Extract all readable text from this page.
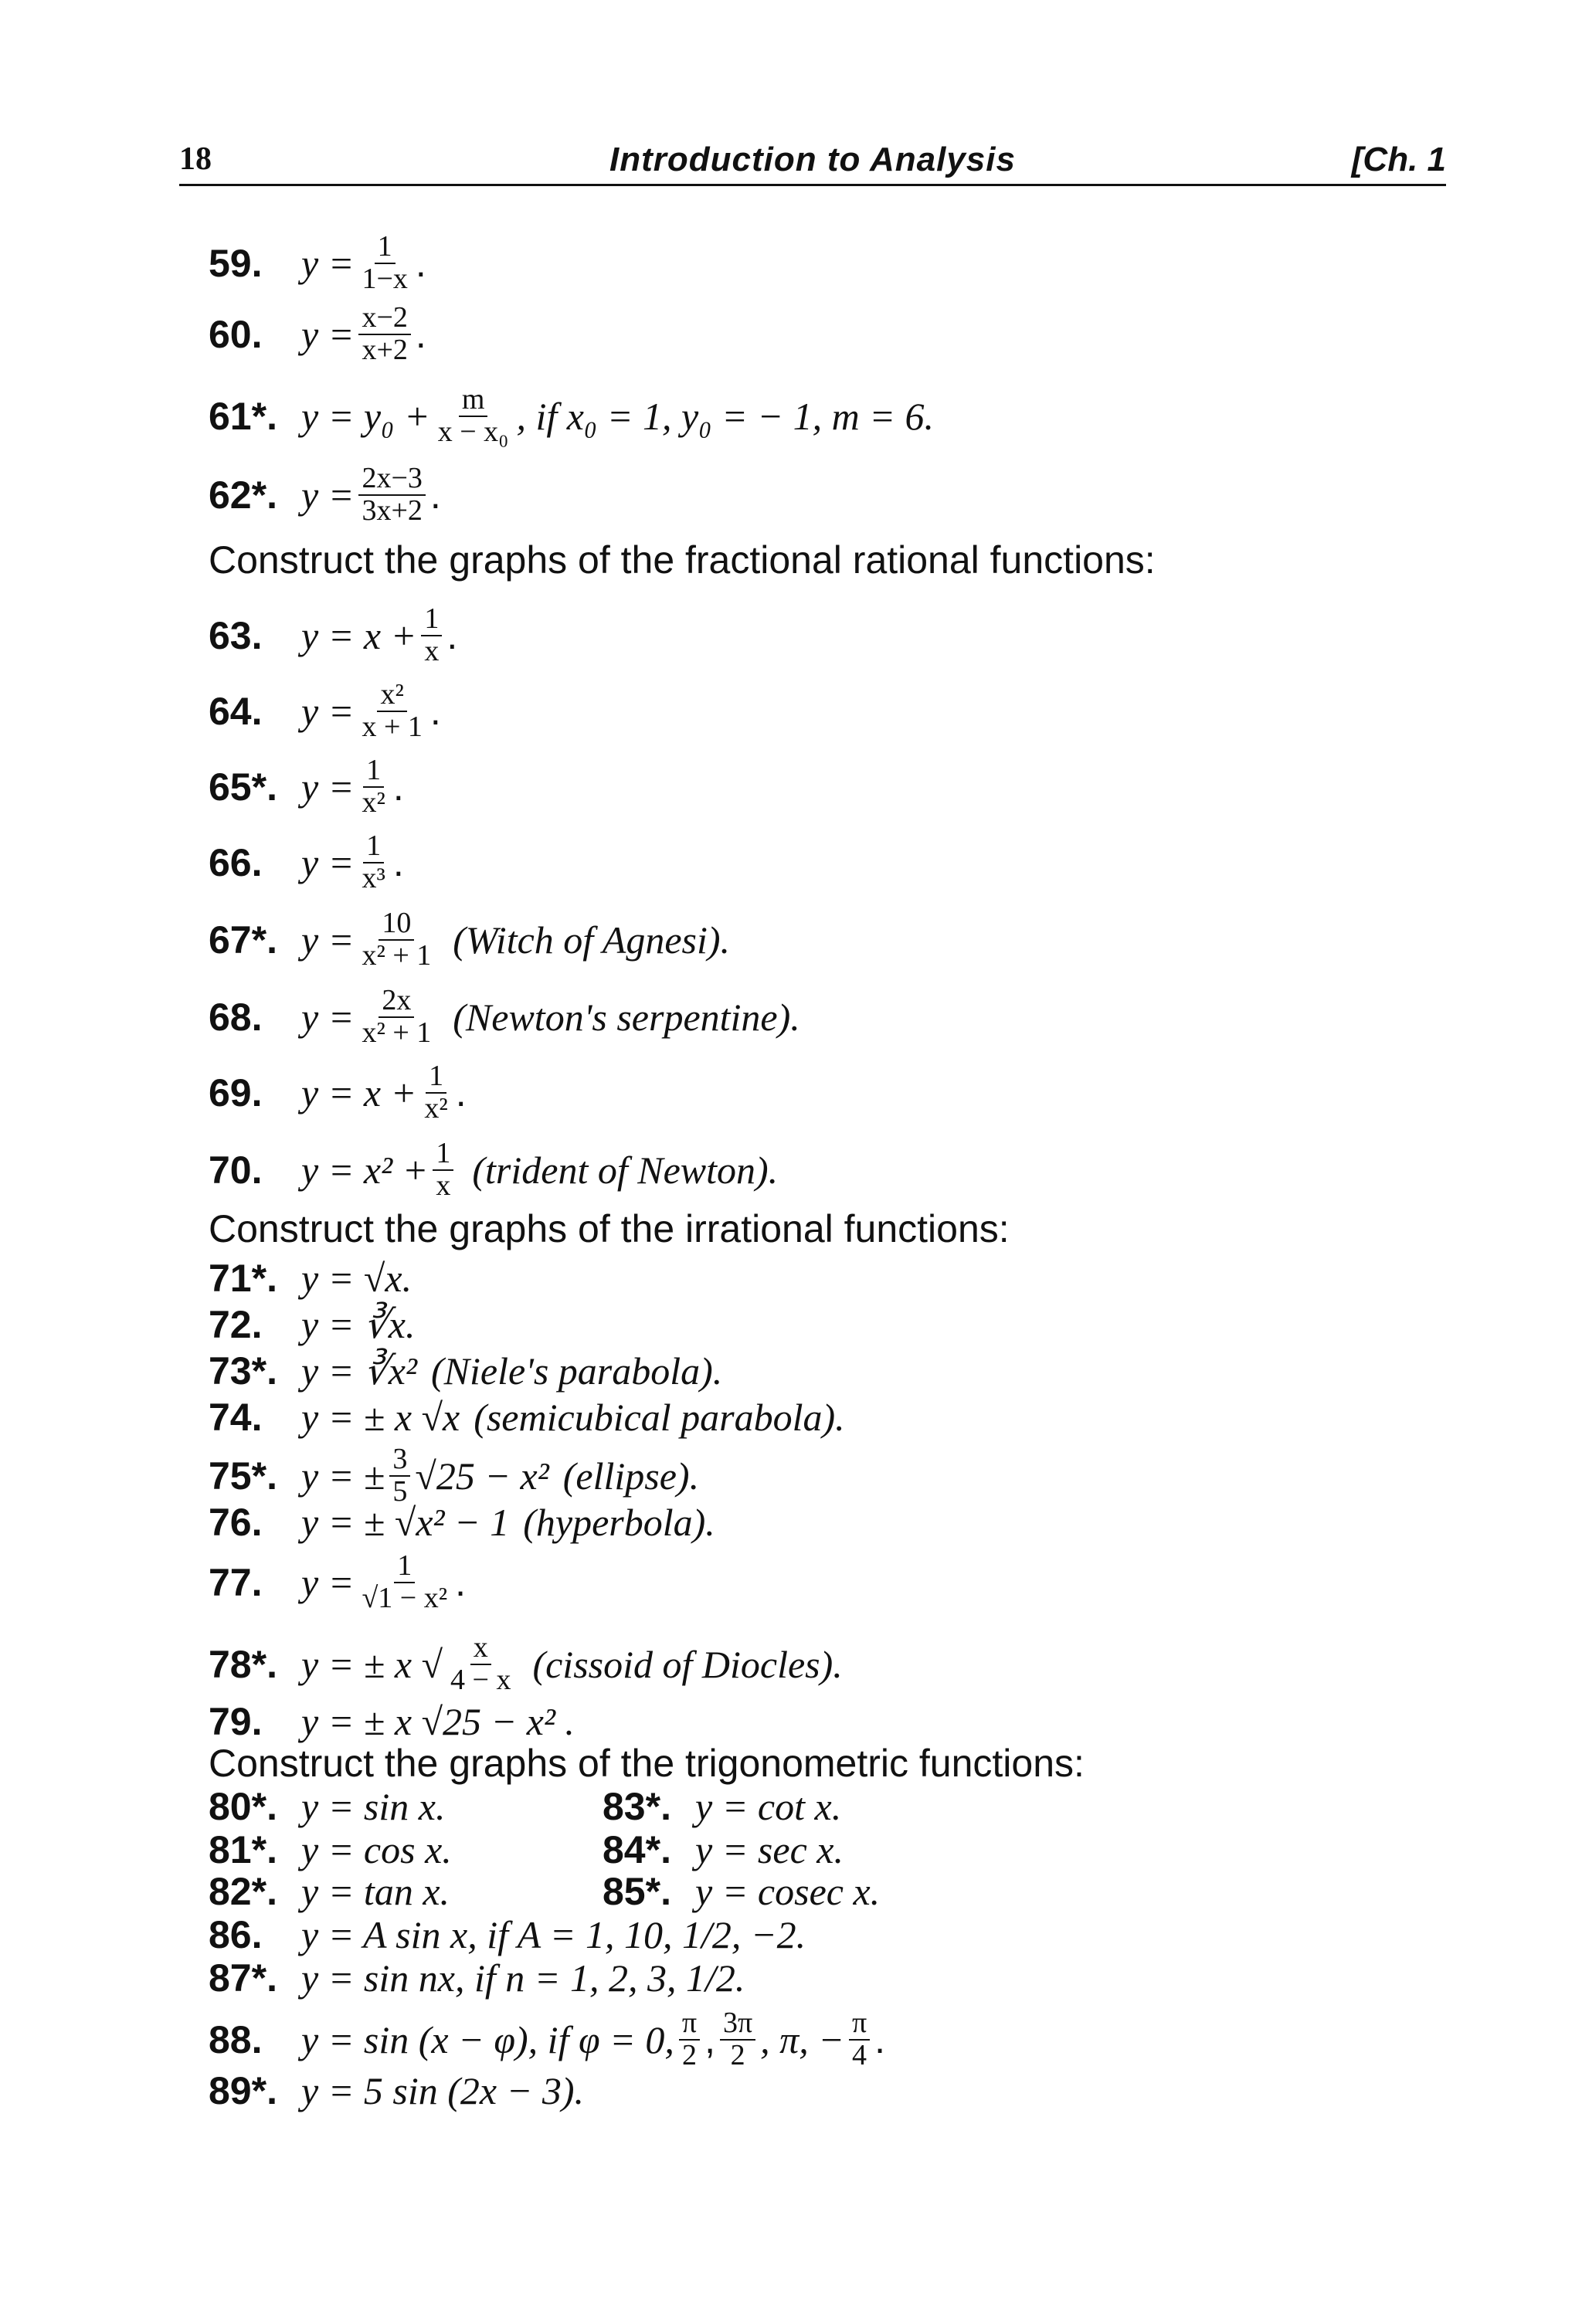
18	Introduction to Analysis	[Ch. 1
59.	$y = \frac{1}{1-x}$ .
60.	$y = \frac{x-2}{x+2}$ .
61*. $y = y_0 + \frac{m}{\text{x − x₀}}$ , if x₀ = 1, y₀ = − 1, m = 6.
62*. $y = \frac{2x-3}{3x+2}$ .
Construct the graphs of the fractional rational functions:
63.	$y = x + \frac{1}{x}$ .
64.	$y = \frac{\text{x²}}{x + 1}$ .
65*. $y = \frac{1}{\text{x²}}$ .
66.	$y = \frac{1}{\text{x³}}$ .
67*. $y = \frac{10}{\text{x² + 1}}$ (Witch of Agnesi).
68.	$y = \frac{2x}{\text{x² + 1}}$ (Newton's serpentine).
69.	$y = x + \frac{1}{\text{x²}}$ .
70.	$y = x^2 + \frac{1}{x}$ (trident of Newton).
Construct the graphs of the irrational functions:
71*. y = √x.
72.	y = ∛x.
73*. y = ∛x² (Niele's parabola).
74.	y = ± x √x (semicubical parabola).
75*. y = ± $\frac{3}{5} √25 - x^2$ (ellipse).
76.	y = ± √x² − 1 (hyperbola).
77.	$y = \frac{1}{\text{√1 − x²}}$ .
78*. y = ± x √ $\frac{x}{4 - x}$ (cissoid of Diocles).
79.	y = ± x √25 − x² .
Construct the graphs of the trigonometric functions:
80*. y = sin x.	83*. y = cot x.
81*. y = cos x.	84*. y = sec x.
82*. y = tan x.	85*. y = cosec x.
86.	y = A sin x, if A = 1, 10, 1/2, −2.
87*. y = sin nx, if n = 1, 2, 3, 1/2.
88.	y = sin (x − φ), if φ = 0, $\frac{\pi}{2}$ , $\frac{3\pi}{2}$ , π, − $\frac{\pi}{4}$ .
89*. y = 5 sin (2x − 3).
